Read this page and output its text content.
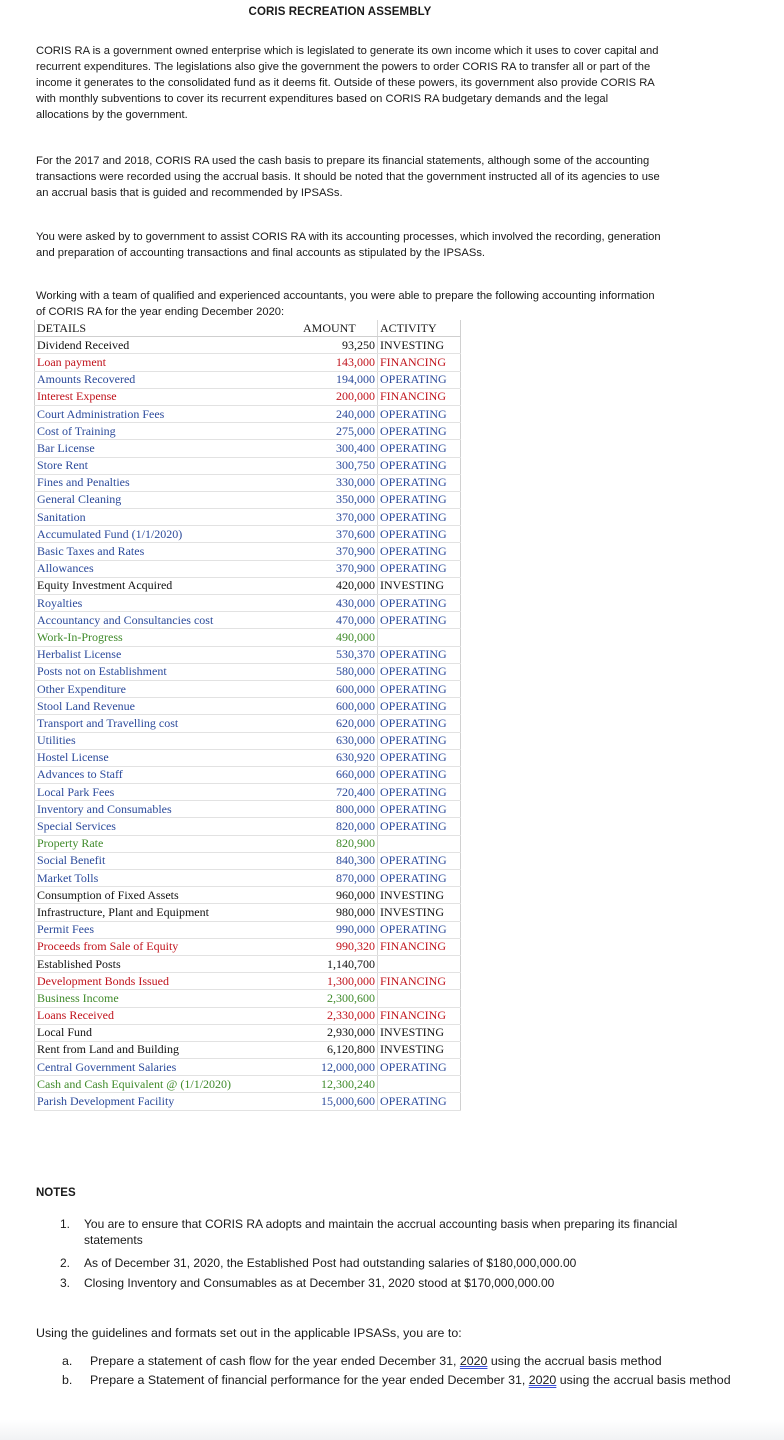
CORIS RECREATION ASSEMBLY

CORIS RA is a government owned enterprise which is legislated to generate its own income which it uses to cover capital and recurrent expenditures. The legislations also give the government the powers to order CORIS RA to transfer all or part of the income it generates to the consolidated fund as it deems fit. Outside of these powers, its government also provide CORIS RA with monthly subventions to cover its recurrent expenditures based on CORIS RA budgetary demands and the legal allocations by the government.

For the 2017 and 2018, CORIS RA used the cash basis to prepare its financial statements, although some of the accounting transactions were recorded using the accrual basis. It should be noted that the government instructed all of its agencies to use an accrual basis that is guided and recommended by IPSASs.

You were asked by to government to assist CORIS RA with its accounting processes, which involved the recording, generation and preparation of accounting transactions and final accounts as stipulated by the IPSASs.

Working with a team of qualified and experienced accountants, you were able to prepare the following accounting information of CORIS RA for the year ending December 2020:

DETAILS	AMOUNT	ACTIVITY
Dividend Received	93,250	INVESTING
Loan payment	143,000	FINANCING
Amounts Recovered	194,000	OPERATING
Interest Expense	200,000	FINANCING
Court Administration Fees	240,000	OPERATING
Cost of Training	275,000	OPERATING
Bar License	300,400	OPERATING
Store Rent	300,750	OPERATING
Fines and Penalties	330,000	OPERATING
General Cleaning	350,000	OPERATING
Sanitation	370,000	OPERATING
Accumulated Fund (1/1/2020)	370,600	OPERATING
Basic Taxes and Rates	370,900	OPERATING
Allowances	370,900	OPERATING
Equity Investment Acquired	420,000	INVESTING
Royalties	430,000	OPERATING
Accountancy and Consultancies cost	470,000	OPERATING
Work-In-Progress	490,000	
Herbalist License	530,370	OPERATING
Posts not on Establishment	580,000	OPERATING
Other Expenditure	600,000	OPERATING
Stool Land Revenue	600,000	OPERATING
Transport and Travelling cost	620,000	OPERATING
Utilities	630,000	OPERATING
Hostel License	630,920	OPERATING
Advances to Staff	660,000	OPERATING
Local Park Fees	720,400	OPERATING
Inventory and Consumables	800,000	OPERATING
Special Services	820,000	OPERATING
Property Rate	820,900	
Social Benefit	840,300	OPERATING
Market Tolls	870,000	OPERATING
Consumption of Fixed Assets	960,000	INVESTING
Infrastructure, Plant and Equipment	980,000	INVESTING
Permit Fees	990,000	OPERATING
Proceeds from Sale of Equity	990,320	FINANCING
Established Posts	1,140,700	
Development Bonds Issued	1,300,000	FINANCING
Business Income	2,300,600	
Loans Received	2,330,000	FINANCING
Local Fund	2,930,000	INVESTING
Rent from Land and Building	6,120,800	INVESTING
Central Government Salaries	12,000,000	OPERATING
Cash and Cash Equivalent @ (1/1/2020)	12,300,240	
Parish Development Facility	15,000,600	OPERATING
NOTES
1. You are to ensure that CORIS RA adopts and maintain the accrual accounting basis when preparing its financial statements
2. As of December 31, 2020, the Established Post had outstanding salaries of $180,000,000.00
3. Closing Inventory and Consumables as at December 31, 2020 stood at $170,000,000.00
Using the guidelines and formats set out in the applicable IPSASs, you are to:
a. Prepare a statement of cash flow for the year ended December 31, 2020 using the accrual basis method
b. Prepare a Statement of financial performance for the year ended December 31, 2020 using the accrual basis method
